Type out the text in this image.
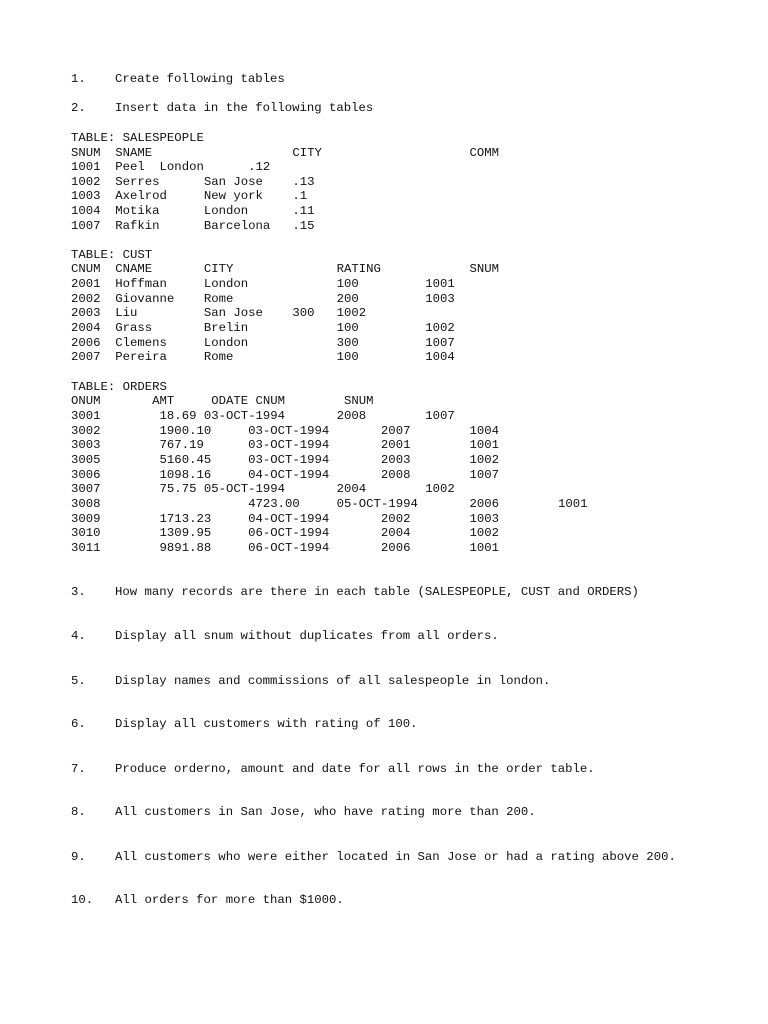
1. Create following tables
2. Insert data in the following tables
TABLE: SALESPEOPLE
SNUM  SNAME                   CITY                    COMM
1001  Peel  London      .12
1002  Serres      San Jose    .13
1003  Axelrod     New york    .1
1004  Motika      London      .11
1007  Rafkin      Barcelona   .15
TABLE: CUST
CNUM  CNAME       CITY              RATING            SNUM
2001  Hoffman     London            100         1001
2002  Giovanne    Rome              200         1003
2003  Liu         San Jose    300   1002
2004  Grass       Brelin            100         1002
2006  Clemens     London            300         1007
2007  Pereira     Rome              100         1004
TABLE: ORDERS
ONUM       AMT     ODATE CNUM        SNUM
3001        18.69 03-OCT-1994       2008        1007
3002        1900.10     03-OCT-1994       2007        1004
3003        767.19      03-OCT-1994       2001        1001
3005        5160.45     03-OCT-1994       2003        1002
3006        1098.16     04-OCT-1994       2008        1007
3007        75.75 05-OCT-1994       2004        1002
3008                    4723.00     05-OCT-1994       2006        1001
3009        1713.23     04-OCT-1994       2002        1003
3010        1309.95     06-OCT-1994       2004        1002
3011        9891.88     06-OCT-1994       2006        1001
3. How many records are there in each table (SALESPEOPLE, CUST and ORDERS)
4. Display all snum without duplicates from all orders.
5. Display names and commissions of all salespeople in london.
6. Display all customers with rating of 100.
7. Produce orderno, amount and date for all rows in the order table.
8. All customers in San Jose, who have rating more than 200.
9. All customers who were either located in San Jose or had a rating above 200.
10. All orders for more than $1000.
